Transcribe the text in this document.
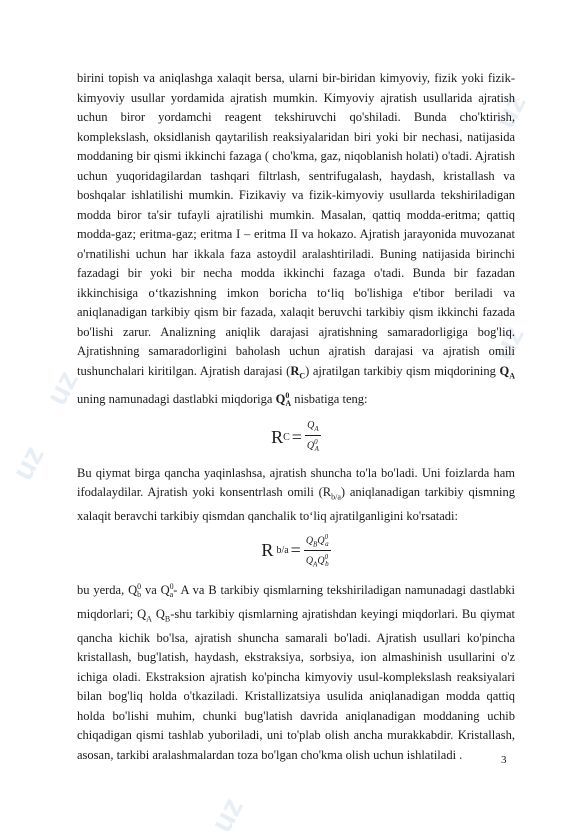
uz
uz
uz
uz
uz

birini topish va aniqlashga xalaqit bersa, ularni bir-biridan kimyoviy, fizik yoki fizik-kimyoviy usullar yordamida ajratish mumkin. Kimyoviy ajratish usullarida ajratish uchun biror yordamchi reagent tekshiruvchi qo'shiladi. Bunda cho'ktirish, komplekslash, oksidlanish qaytarilish reaksiyalaridan biri yoki bir nechasi, natijasida moddaning bir qismi ikkinchi fazaga ( cho'kma, gaz, niqoblanish holati) o'tadi. Ajratish uchun yuqoridagilardan tashqari filtrlash, sentrifugalash, haydash, kristallash va boshqalar ishlatilishi mumkin. Fizikaviy va fizik-kimyoviy usullarda tekshiriladigan modda biror ta'sir tufayli ajratilishi mumkin. Masalan, qattiq modda-eritma; qattiq modda-gaz; eritma-gaz; eritma I – eritma II va hokazo. Ajratish jarayonida muvozanat o'rnatilishi uchun har ikkala faza astoydil aralashtiriladi. Buning natijasida birinchi fazadagi bir yoki bir necha modda ikkinchi fazaga o'tadi. Bunda bir fazadan ikkinchisiga o‘tkazishning imkon boricha to‘liq bo'lishiga e'tibor beriladi va aniqlanadigan tarkibiy qism bir fazada, xalaqit beruvchi tarkibiy qism ikkinchi fazada bo'lishi zarur. Analizning aniqlik darajasi ajratishning samaradorligiga bog'liq. Ajratishning samaradorligini baholash uchun ajratish darajasi va ajratish omili tushunchalari kiritilgan. Ajratish darajasi $(R_C)$ ajratilgan tarkibiy qism miqdorining $Q_A$ uning namunadagi dastlabki miqdoriga $Q^0_A$ nisbatiga teng:

R $C = \frac{Q_A}{Q^0_A}$

Bu qiymat birga qancha yaqinlashsa, ajratish shuncha to'la bo'ladi. Uni foizlarda ham ifodalaydilar. Ajratish yoki konsentrlash omili $(R_{b/a})$ aniqlanadigan tarkibiy qismning xalaqit beravchi tarkibiy qismdan qanchalik to‘liq ajratilganligini ko'rsatadi:

R $b/a = \frac{Q_BQ^0_a}{Q_AQ^0_b}$

bu yerda, $Q^0_b$ va $Q^0_a-$ A va B tarkibiy qismlarning tekshiriladigan namunadagi dastlabki miqdorlari; $Q_A$ $Q_B$-shu tarkibiy qismlarning ajratishdan keyingi miqdorlari. Bu qiymat qancha kichik bo'lsa, ajratish shuncha samarali bo'ladi. Ajratish usullari ko'pincha kristallash, bug'latish, haydash, ekstraksiya, sorbsiya, ion almashinish usullarini o'z ichiga oladi. Ekstraksion ajratish ko'pincha kimyoviy usul-komplekslash reaksiyalari bilan bog'liq holda o'tkaziladi. Kristallizatsiya usulida aniqlanadigan modda qattiq holda bo'lishi muhim, chunki bug'latish davrida aniqlanadigan moddaning uchib chiqadigan qismi tashlab yuboriladi, uni to'plab olish ancha murakkabdir. Kristallash, asosan, tarkibi aralashmalardan toza bo'lgan cho'kma olish uchun ishlatiladi .	3
